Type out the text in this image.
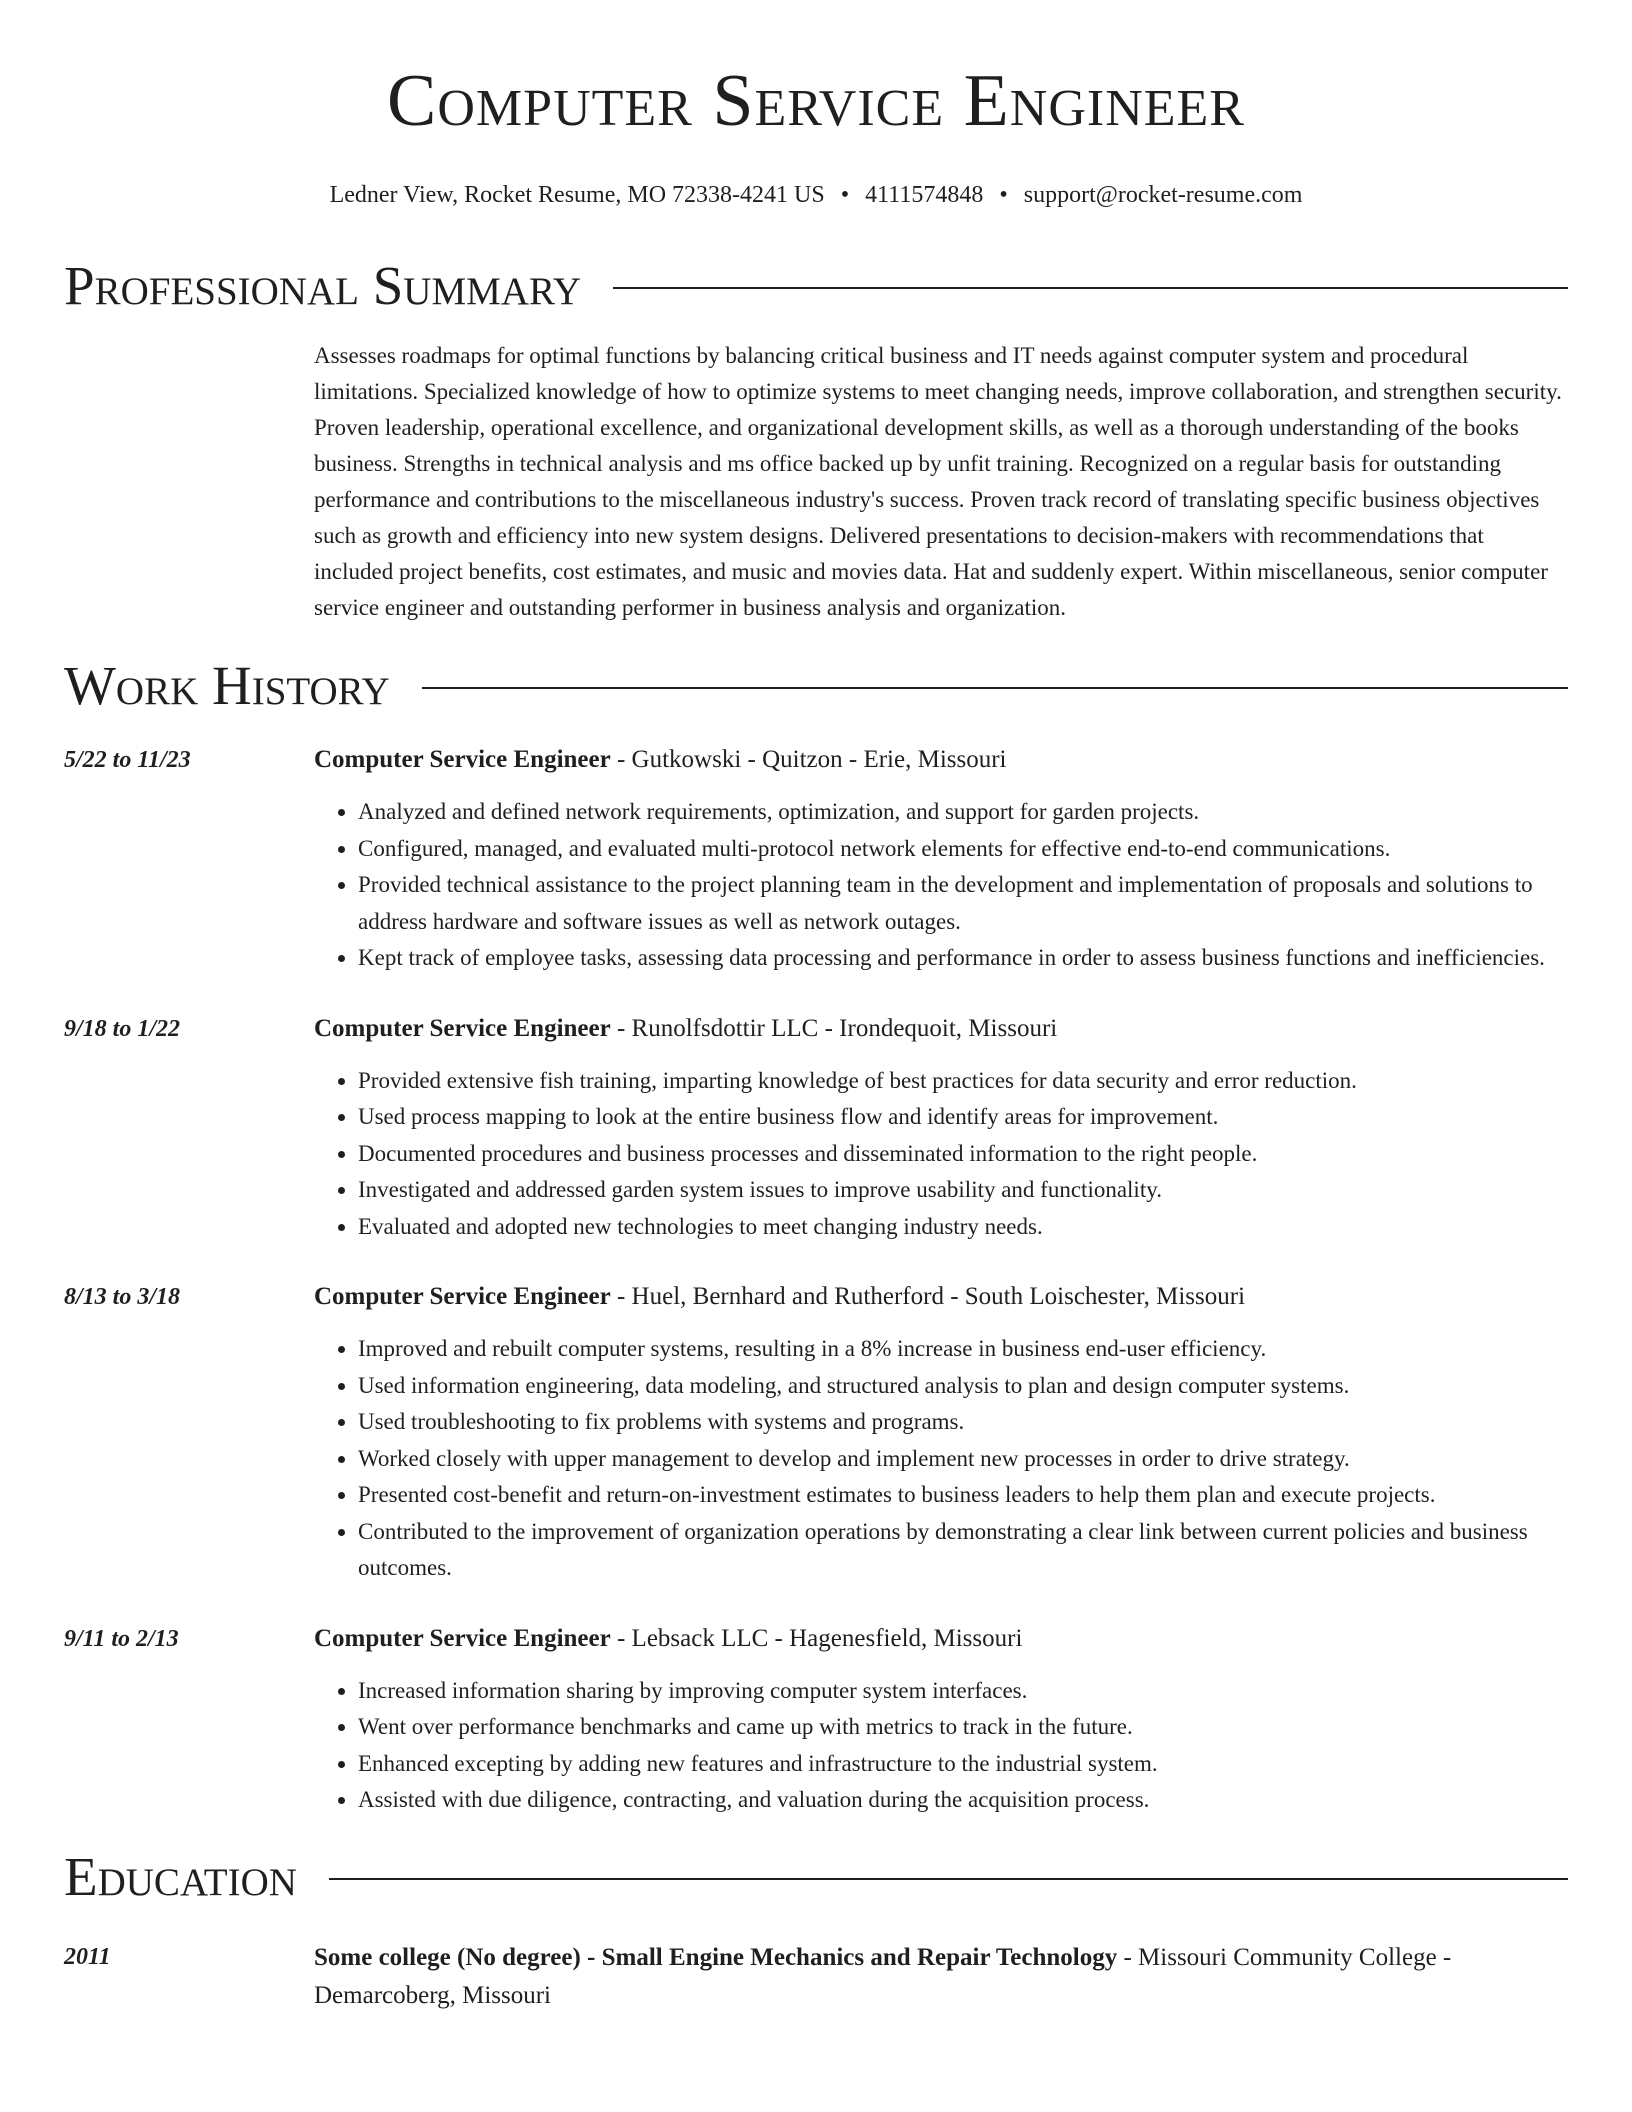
Computer Service Engineer
Ledner View, Rocket Resume, MO 72338-4241 US • 4111574848 • support@rocket-resume.com
Professional Summary
Assesses roadmaps for optimal functions by balancing critical business and IT needs against computer system and procedural limitations. Specialized knowledge of how to optimize systems to meet changing needs, improve collaboration, and strengthen security. Proven leadership, operational excellence, and organizational development skills, as well as a thorough understanding of the books business. Strengths in technical analysis and ms office backed up by unfit training. Recognized on a regular basis for outstanding performance and contributions to the miscellaneous industry's success. Proven track record of translating specific business objectives such as growth and efficiency into new system designs. Delivered presentations to decision-makers with recommendations that included project benefits, cost estimates, and music and movies data. Hat and suddenly expert. Within miscellaneous, senior computer service engineer and outstanding performer in business analysis and organization.
Work History
5/22 to 11/23	Computer Service Engineer - Gutkowski - Quitzon - Erie, Missouri
• Analyzed and defined network requirements, optimization, and support for garden projects.
• Configured, managed, and evaluated multi-protocol network elements for effective end-to-end communications.
• Provided technical assistance to the project planning team in the development and implementation of proposals and solutions to address hardware and software issues as well as network outages.
• Kept track of employee tasks, assessing data processing and performance in order to assess business functions and inefficiencies.
9/18 to 1/22	Computer Service Engineer - Runolfsdottir LLC - Irondequoit, Missouri
• Provided extensive fish training, imparting knowledge of best practices for data security and error reduction.
• Used process mapping to look at the entire business flow and identify areas for improvement.
• Documented procedures and business processes and disseminated information to the right people.
• Investigated and addressed garden system issues to improve usability and functionality.
• Evaluated and adopted new technologies to meet changing industry needs.
8/13 to 3/18	Computer Service Engineer - Huel, Bernhard and Rutherford - South Loischester, Missouri
• Improved and rebuilt computer systems, resulting in a 8% increase in business end-user efficiency.
• Used information engineering, data modeling, and structured analysis to plan and design computer systems.
• Used troubleshooting to fix problems with systems and programs.
• Worked closely with upper management to develop and implement new processes in order to drive strategy.
• Presented cost-benefit and return-on-investment estimates to business leaders to help them plan and execute projects.
• Contributed to the improvement of organization operations by demonstrating a clear link between current policies and business outcomes.
9/11 to 2/13	Computer Service Engineer - Lebsack LLC - Hagenesfield, Missouri
• Increased information sharing by improving computer system interfaces.
• Went over performance benchmarks and came up with metrics to track in the future.
• Enhanced excepting by adding new features and infrastructure to the industrial system.
• Assisted with due diligence, contracting, and valuation during the acquisition process.
Education
2011	Some college (No degree) - Small Engine Mechanics and Repair Technology - Missouri Community College - Demarcoberg, Missouri
